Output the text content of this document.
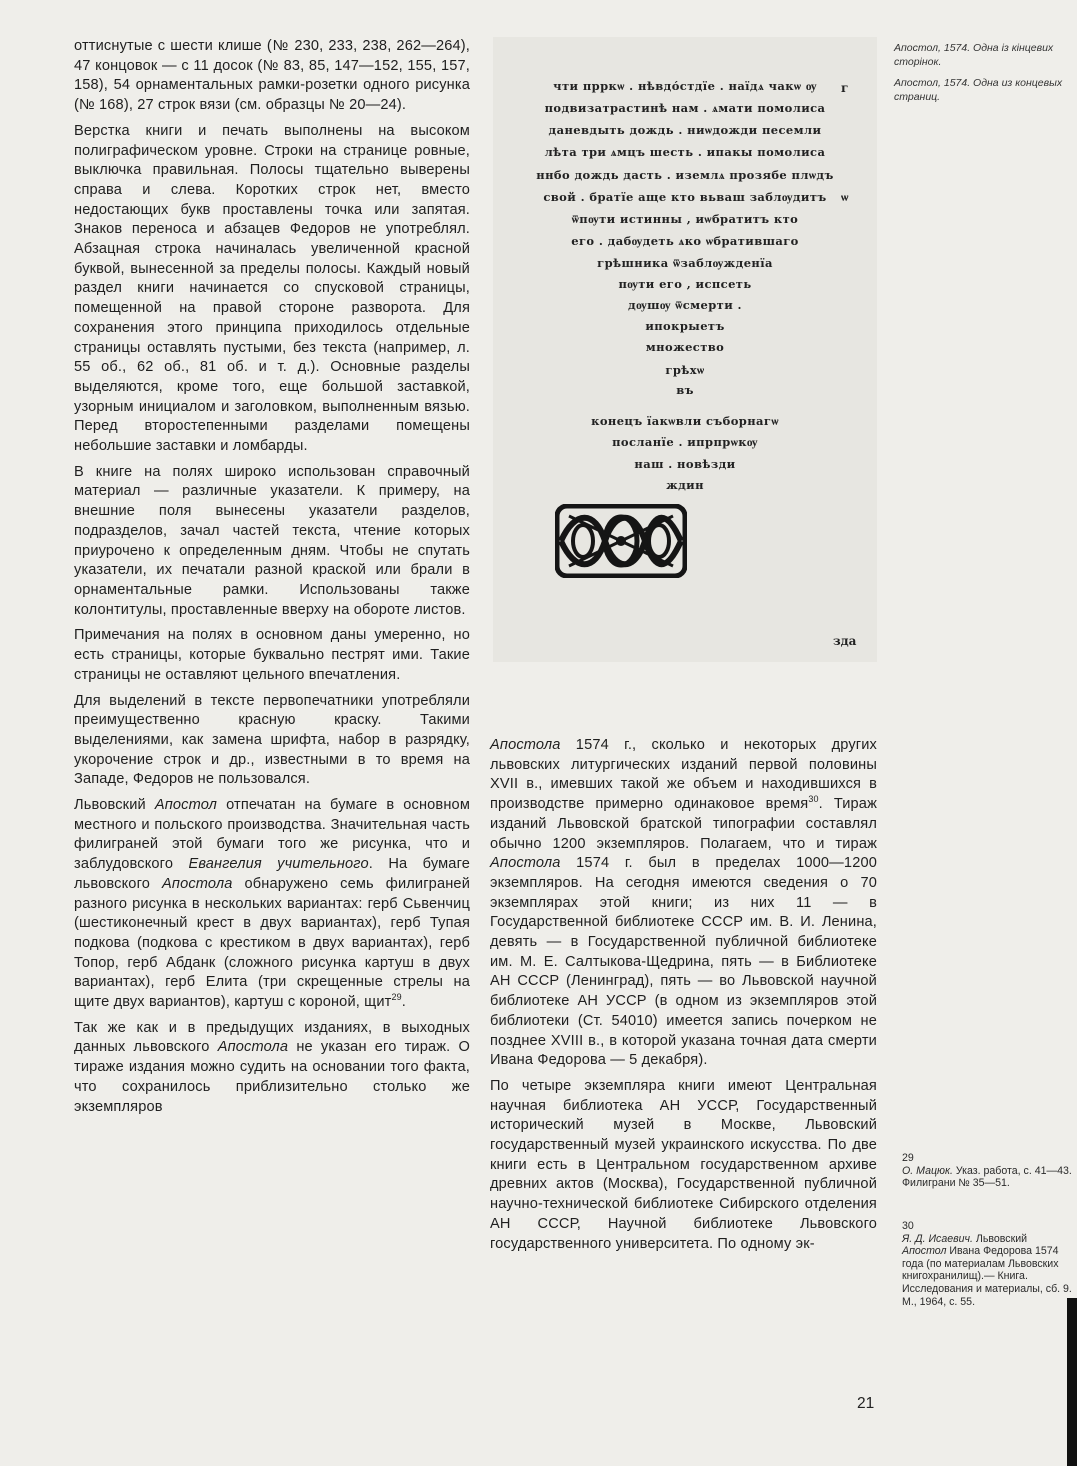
оттиснутые с шести клише (№ 230, 233, 238, 262—264), 47 концовок — с 11 досок (№ 83, 85, 147—152, 155, 157, 158), 54 орнаментальных рамки-розетки одного рисунка (№ 168), 27 строк вязи (см. образцы № 20—24).

Верстка книги и печать выполнены на высоком полиграфическом уровне. Строки на странице ровные, выключка правильная. Полосы тщательно выверены справа и слева. Коротких строк нет, вместо недостающих букв проставлены точка или запятая. Знаков переноса и абзацев Федоров не употреблял. Абзацная строка начиналась увеличенной красной буквой, вынесенной за пределы полосы. Каждый новый раздел книги начинается со спусковой страницы, помещенной на правой стороне разворота. Для сохранения этого принципа приходилось отдельные страницы оставлять пустыми, без текста (например, л. 55 об., 62 об., 81 об. и т. д.). Основные разделы выделяются, кроме того, еще большой заставкой, узорным инициалом и заголовком, выполненным вязью. Перед второстепенными разделами помещены небольшие заставки и ломбарды.

В книге на полях широко использован справочный материал — различные указатели. К примеру, на внешние поля вынесены указатели разделов, подразделов, зачал частей текста, чтение которых приурочено к определенным дням. Чтобы не спутать указатели, их печатали разной краской или брали в орнаментальные рамки. Использованы также колонтитулы, проставленные вверху на обороте листов.

Примечания на полях в основном даны умеренно, но есть страницы, которые буквально пестрят ими. Такие страницы не оставляют цельного впечатления.

Для выделений в тексте первопечатники употребляли преимущественно красную краску. Такими выделениями, как замена шрифта, набор в разрядку, укорочение строк и др., известными в то время на Западе, Федоров не пользовался.

Львовский Апостол отпечатан на бумаге в основном местного и польского производства. Значительная часть филиграней этой бумаги того же рисунка, что и заблудовского Евангелия учительного. На бумаге львовского Апостола обнаружено семь филиграней разного рисунка в нескольких вариантах: герб Сьвенчиц (шестиконечный крест в двух вариантах), герб Тупая подкова (подкова с крестиком в двух вариантах), герб Топор, герб Абданк (сложного рисунка картуш в двух вариантах), герб Елита (три скрещенные стрелы на щите двух вариантов), картуш с короной, щит$^{29}$.

Так же как и в предыдущих изданиях, в выходных данных львовского Апостола не указан его тираж. О тираже издания можно судить на основании того факта, что сохранилось приблизительно столько же экземпляров

чти прркѡ . нѣвдо́стдїе . наїдѧ чакѡ ѹ
подвизатрастинѣ нам . ѧмати помолиса
даневдыть дождь . ниѡдожди песемли
лѣта три ѧмцъ шесть . ипакы помолиса
ннбо дождь дасть . иземлѧ прозябе плѡдъ
свой . братїе аще кто вьваш заблѹдитъ
ѿпѹти истинны , иѡбратитъ кто
его . дабѹдеть ѧко ѡбратившаго
грѣшника ѿзаблѹжденїа
пѹти его , испсеть
дѹшѹ ѿсмерти .
ипокрыетъ
множество
грѣхѡ
въ
конецъ їакѡвли съборнагѡ
посланїе . ипрпрѡкѹ
наш . новѣзди
ждин
г
ѡ
зда

Апостол, 1574. Одна із кінцевих сторінок.

Апостол, 1574. Одна из концевых страниц.

Апостола 1574 г., сколько и некоторых других львовских литургических изданий первой половины XVII в., имевших такой же объем и находившихся в производстве примерно одинаковое время$^{30}$. Тираж изданий Львовской братской типографии составлял обычно 1200 экземпляров. Полагаем, что и тираж Апостола 1574 г. был в пределах 1000—1200 экземпляров. На сегодня имеются сведения о 70 экземплярах этой книги; из них 11 — в Государственной библиотеке СССР им. В. И. Ленина, девять — в Государственной публичной библиотеке им. М. Е. Салтыкова-Щедрина, пять — в Библиотеке АН СССР (Ленинград), пять — во Львовской научной библиотеке АН УССР (в одном из экземпляров этой библиотеки (Ст. 54010) имеется запись почерком не позднее XVIII в., в которой указана точная дата смерти Ивана Федорова — 5 декабря).

По четыре экземпляра книги имеют Центральная научная библиотека АН УССР, Государственный исторический музей в Москве, Львовский государственный музей украинского искусства. По две книги есть в Центральном государственном архиве древних актов (Москва), Государственной публичной научно-технической библиотеке Сибирского отделения АН СССР, Научной библиотеке Львовского государственного университета. По одному эк-

29
О. Мацюк. Указ. работа, с. 41—43. Филиграни № 35—51.
30
Я. Д. Исаевич. Львовский Апостол Ивана Федорова 1574 года (по материалам Львовских книгохранилищ).— Книга. Исследования и материалы, сб. 9. М., 1964, с. 55.
21
